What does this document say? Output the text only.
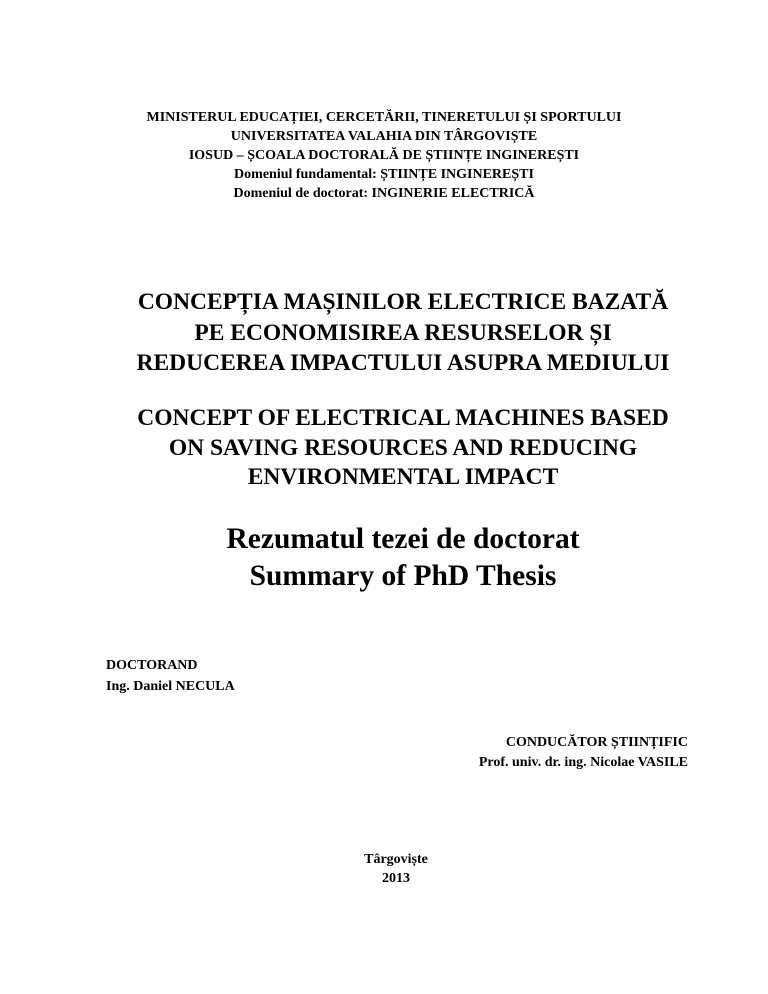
MINISTERUL EDUCAȚIEI, CERCETĂRII, TINERETULUI ȘI SPORTULUI
UNIVERSITATEA VALAHIA DIN TÂRGOVIȘTE
IOSUD – ȘCOALA DOCTORALĂ DE ȘTIINȚE INGINEREȘTI
Domeniul fundamental: ȘTIINȚE INGINEREȘTI
Domeniul de doctorat: INGINERIE ELECTRICĂ
CONCEPȚIA MAȘINILOR ELECTRICE BAZATĂ
PE ECONOMISIREA RESURSELOR ȘI
REDUCEREA IMPACTULUI ASUPRA MEDIULUI
CONCEPT OF ELECTRICAL MACHINES BASED
ON SAVING RESOURCES AND REDUCING
ENVIRONMENTAL IMPACT
Rezumatul tezei de doctorat
Summary of PhD Thesis
DOCTORAND
Ing. Daniel NECULA
CONDUCĂTOR ȘTIINȚIFIC
Prof. univ. dr. ing. Nicolae VASILE
Târgoviște
2013
